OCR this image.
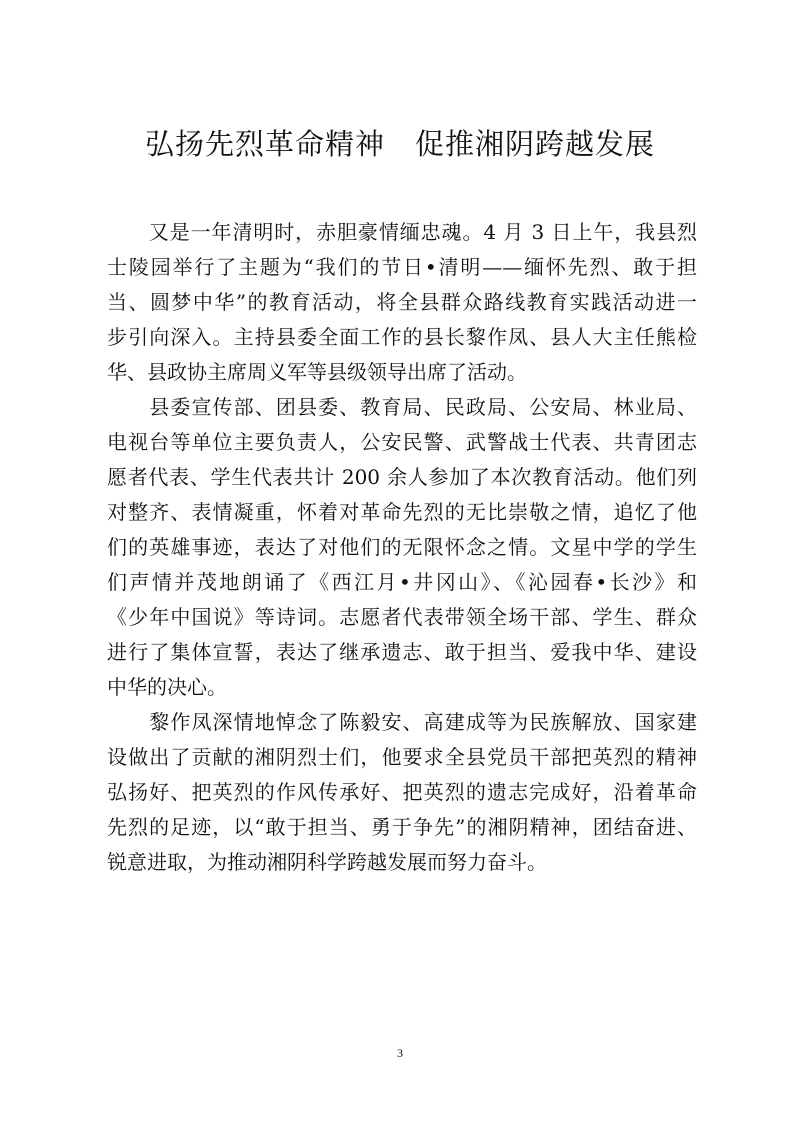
弘扬先烈革命精神　促推湘阴跨越发展
　　又是一年清明时，赤胆豪情缅忠魂。4 月 3 日上午，我县烈
士陵园举行了主题为“我们的节日•清明——缅怀先烈、敢于担
当、圆梦中华”的教育活动，将全县群众路线教育实践活动进一
步引向深入。主持县委全面工作的县长黎作凤、县人大主任熊检
华、县政协主席周义军等县级领导出席了活动。
　　县委宣传部、团县委、教育局、民政局、公安局、林业局、
电视台等单位主要负责人，公安民警、武警战士代表、共青团志
愿者代表、学生代表共计 200 余人参加了本次教育活动。他们列
对整齐、表情凝重，怀着对革命先烈的无比崇敬之情，追忆了他
们的英雄事迹，表达了对他们的无限怀念之情。文星中学的学生
们声情并茂地朗诵了《西江月•井冈山》、《沁园春•长沙》和
《少年中国说》等诗词。志愿者代表带领全场干部、学生、群众
进行了集体宣誓，表达了继承遗志、敢于担当、爱我中华、建设
中华的决心。
　　黎作凤深情地悼念了陈毅安、高建成等为民族解放、国家建
设做出了贡献的湘阴烈士们，他要求全县党员干部把英烈的精神
弘扬好、把英烈的作风传承好、把英烈的遗志完成好，沿着革命
先烈的足迹，以“敢于担当、勇于争先”的湘阴精神，团结奋进、
锐意进取，为推动湘阴科学跨越发展而努力奋斗。
3
